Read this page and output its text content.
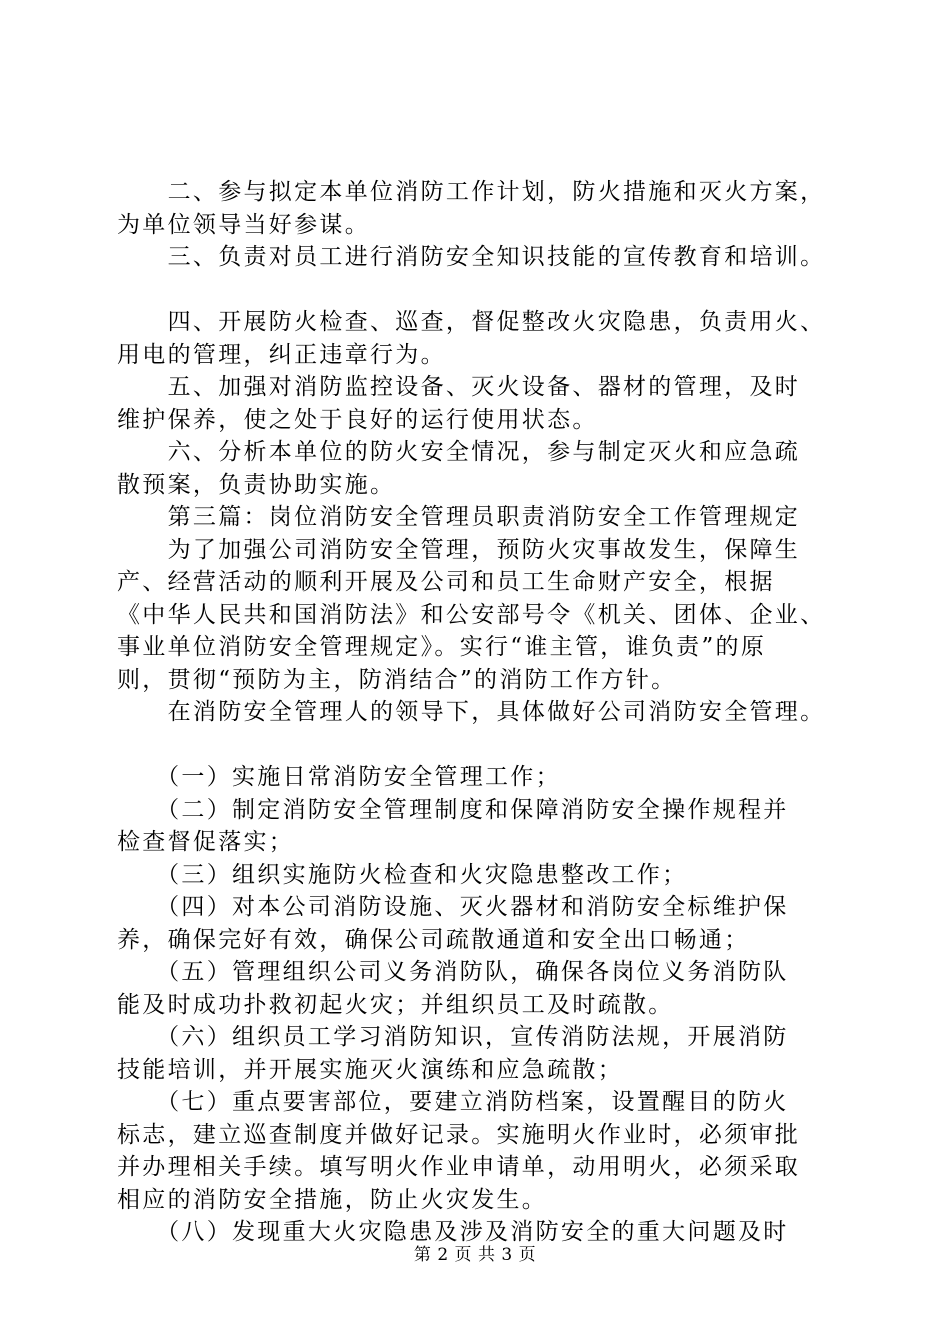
　　二、参与拟定本单位消防工作计划，防火措施和灭火方案，

为单位领导当好参谋。

　　三、负责对员工进行消防安全知识技能的宣传教育和培训。

　　四、开展防火检查、巡查，督促整改火灾隐患，负责用火、

用电的管理，纠正违章行为。

　　五、加强对消防监控设备、灭火设备、器材的管理，及时

维护保养，使之处于良好的运行使用状态。

　　六、分析本单位的防火安全情况，参与制定灭火和应急疏

散预案，负责协助实施。

　　第三篇：岗位消防安全管理员职责消防安全工作管理规定

　　为了加强公司消防安全管理，预防火灾事故发生，保障生

产、经营活动的顺利开展及公司和员工生命财产安全，根据

《中华人民共和国消防法》和公安部号令《机关、团体、企业、

事业单位消防安全管理规定》。实行“谁主管，谁负责”的原

则，贯彻“预防为主，防消结合”的消防工作方针。

　　在消防安全管理人的领导下，具体做好公司消防安全管理。

　　（一）实施日常消防安全管理工作；

　　（二）制定消防安全管理制度和保障消防安全操作规程并

检查督促落实；

　　（三）组织实施防火检查和火灾隐患整改工作；

　　（四）对本公司消防设施、灭火器材和消防安全标维护保

养，确保完好有效，确保公司疏散通道和安全出口畅通；

　　（五）管理组织公司义务消防队，确保各岗位义务消防队

能及时成功扑救初起火灾；并组织员工及时疏散。

　　（六）组织员工学习消防知识，宣传消防法规，开展消防

技能培训，并开展实施灭火演练和应急疏散；

　　（七）重点要害部位，要建立消防档案，设置醒目的防火

标志，建立巡查制度并做好记录。实施明火作业时，必须审批

并办理相关手续。填写明火作业申请单，动用明火，必须采取

相应的消防安全措施，防止火灾发生。

　　（八）发现重大火灾隐患及涉及消防安全的重大问题及时

第 2 页 共 3 页
